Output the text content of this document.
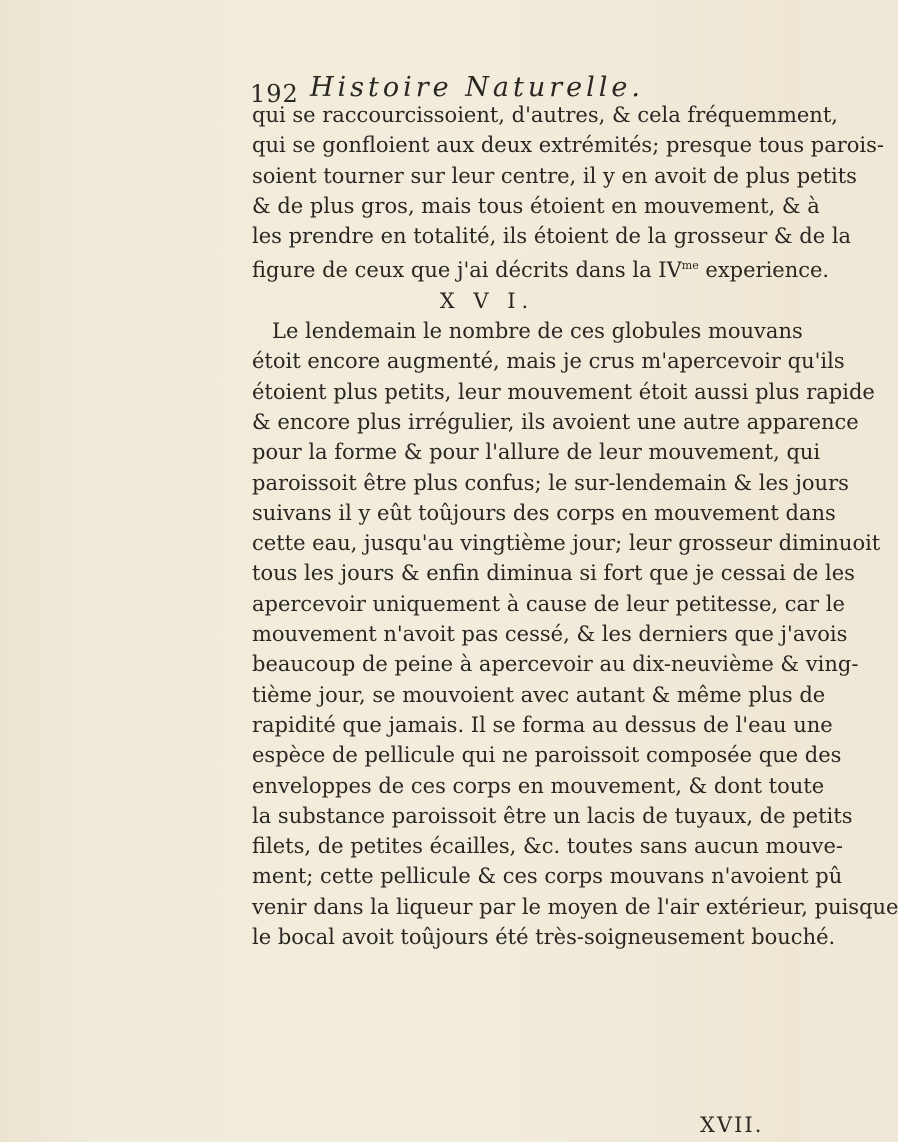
192 Histoire Naturelle.
qui se raccourcissoient, d'autres, & cela fréquemment,
qui se gonfloient aux deux extrémités; presque tous parois-
soient tourner sur leur centre, il y en avoit de plus petits
& de plus gros, mais tous étoient en mouvement, & à
les prendre en totalité, ils étoient de la grosseur & de la
figure de ceux que j'ai décrits dans la $IV^{me}$ experience.
X V I.
Le lendemain le nombre de ces globules mouvans
étoit encore augmenté, mais je crus m'apercevoir qu'ils
étoient plus petits, leur mouvement étoit aussi plus rapide
& encore plus irrégulier, ils avoient une autre apparence
pour la forme & pour l'allure de leur mouvement, qui
paroissoit être plus confus; le sur-lendemain & les jours
suivans il y eût toûjours des corps en mouvement dans
cette eau, jusqu'au vingtième jour; leur grosseur diminuoit
tous les jours & enfin diminua si fort que je cessai de les
apercevoir uniquement à cause de leur petitesse, car le
mouvement n'avoit pas cessé, & les derniers que j'avois
beaucoup de peine à apercevoir au dix-neuvième & ving-
tième jour, se mouvoient avec autant & même plus de
rapidité que jamais. Il se forma au dessus de l'eau une
espèce de pellicule qui ne paroissoit composée que des
enveloppes de ces corps en mouvement, & dont toute
la substance paroissoit être un lacis de tuyaux, de petits
filets, de petites écailles, &c. toutes sans aucun mouve-
ment; cette pellicule & ces corps mouvans n'avoient pû
venir dans la liqueur par le moyen de l'air extérieur, puisque
le bocal avoit toûjours été très-soigneusement bouché.
XVII.
